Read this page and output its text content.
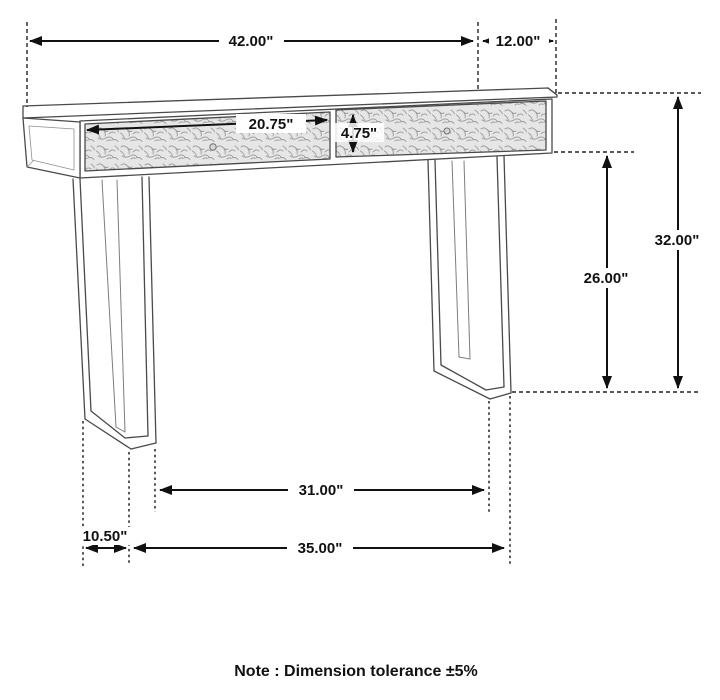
42.00"	12.00"
20.75"
4.75"
32.00"
26.00"
31.00"
10.50"
35.00"
Note : Dimension tolerance ±5%
